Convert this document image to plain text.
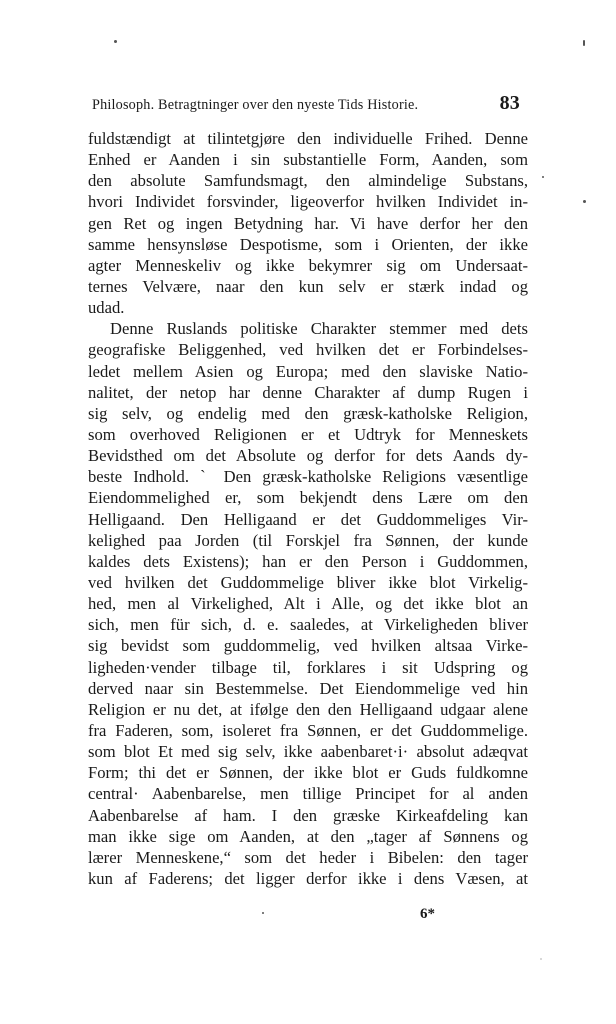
Philosoph. Betragtninger over den nyeste Tids Historie.	83
fuldstændigt at tilintetgjøre den individuelle Frihed. Denne
Enhed er Aanden i sin substantielle Form, Aanden, som
den absolute Samfundsmagt, den almindelige Substans,
hvori Individet forsvinder, ligeoverfor hvilken Individet in-
gen Ret og ingen Betydning har. Vi have derfor her den
samme hensynsløse Despotisme, som i Orienten, der ikke
agter Menneskeliv og ikke bekymrer sig om Undersaat-
ternes Velvære, naar den kun selv er stærk indad og
udad.
Denne Ruslands politiske Charakter stemmer med dets
geografiske Beliggenhed, ved hvilken det er Forbindelses-
ledet mellem Asien og Europa; med den slaviske Natio-
nalitet, der netop har denne Charakter af dump Rugen i
sig selv, og endelig med den græsk-katholske Religion,
som overhoved Religionen er et Udtryk for Menneskets
Bevidsthed om det Absolute og derfor for dets Aands dy-
beste Indhold. ˋ Den græsk-katholske Religions væsentlige
Eiendommelighed er, som bekjendt dens Lære om den
Helligaand. Den Helligaand er det Guddommeliges Vir-
kelighed paa Jorden (til Forskjel fra Sønnen, der kunde
kaldes dets Existens); han er den Person i Guddommen,
ved hvilken det Guddommelige bliver ikke blot Virkelig-
hed, men al Virkelighed, Alt i Alle, og det ikke blot an
sich, men für sich, d. e. saaledes, at Virkeligheden bliver
sig bevidst som guddommelig, ved hvilken altsaa Virke-
ligheden·vender tilbage til, forklares i sit Udspring og
derved naar sin Bestemmelse. Det Eiendommelige ved hin
Religion er nu det, at ifølge den den Helligaand udgaar alene
fra Faderen, som, isoleret fra Sønnen, er det Guddommelige.
som blot Et med sig selv, ikke aabenbaret·i· absolut adæqvat
Form; thi det er Sønnen, der ikke blot er Guds fuldkomne
central· Aabenbarelse, men tillige Principet for al anden
Aabenbarelse af ham. I den græske Kirkeafdeling kan
man ikke sige om Aanden, at den „tager af Sønnens og
lærer Menneskene,“ som det heder i Bibelen: den tager
kun af Faderens; det ligger derfor ikke i dens Væsen, at
6*
